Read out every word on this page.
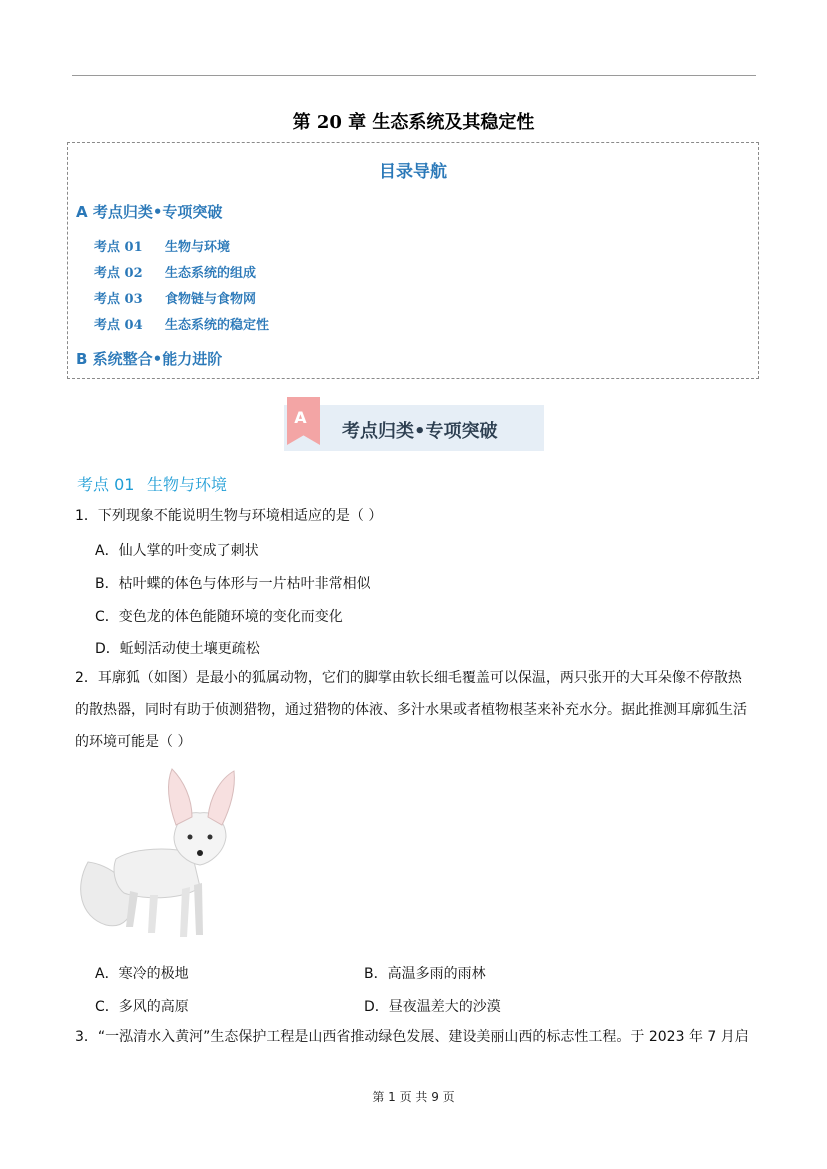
第 20 章 生态系统及其稳定性
目录导航
A 考点归类•专项突破
考点 01 生物与环境
考点 02 生态系统的组成
考点 03 食物链与食物网
考点 04 生态系统的稳定性
B 系统整合•能力进阶
A
考点归类•专项突破
考点 01 生物与环境
1．下列现象不能说明生物与环境相适应的是（ ）
A．仙人掌的叶变成了刺状
B．枯叶蝶的体色与体形与一片枯叶非常相似
C．变色龙的体色能随环境的变化而变化
D．蚯蚓活动使土壤更疏松
2．耳廓狐（如图）是最小的狐属动物，它们的脚掌由软长细毛覆盖可以保温，两只张开的大耳朵像不停散热的散热器，同时有助于侦测猎物，通过猎物的体液、多汁水果或者植物根茎来补充水分。据此推测耳廓狐生活的环境可能是（ ）
A．寒冷的极地	B．高温多雨的雨林
C．多风的高原	D．昼夜温差大的沙漠
3．“一泓清水入黄河”生态保护工程是山西省推动绿色发展、建设美丽山西的标志性工程。于 2023 年 7 月启
第 1 页 共 9 页
